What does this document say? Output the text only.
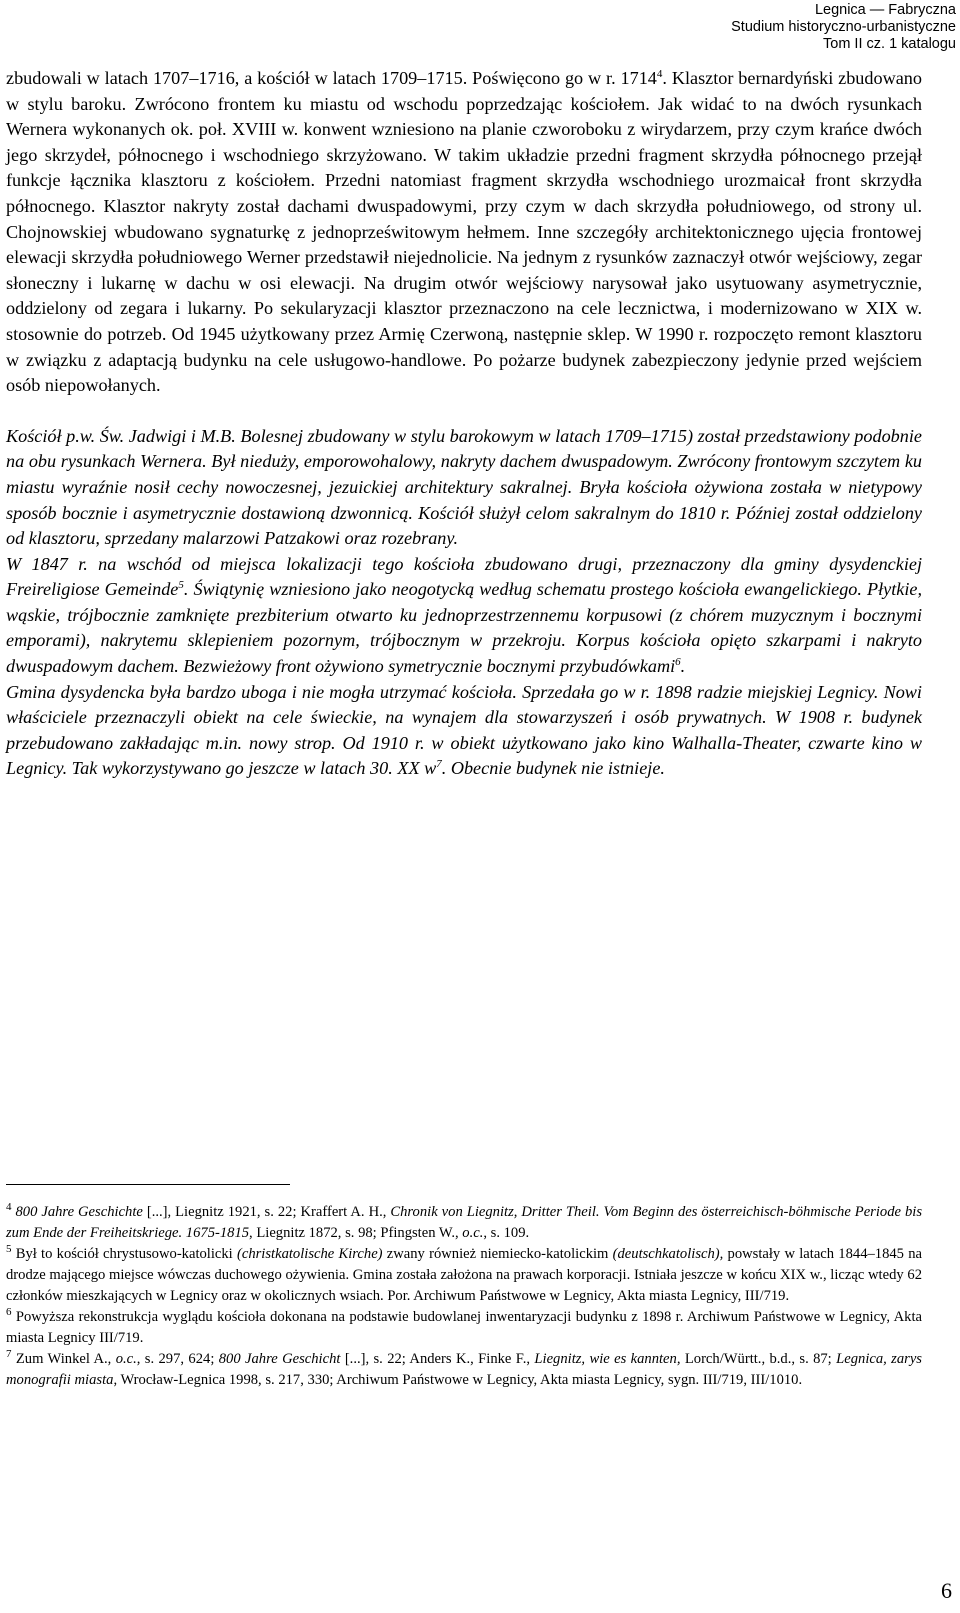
Legnica — Fabryczna
Studium historyczno-urbanistyczne
Tom II cz. 1 katalogu

zbudowali w latach 1707–1716, a kościół w latach 1709–1715. Poświęcono go w r. 1714$^4$. Klasztor bernardyński zbudowano w stylu baroku. Zwrócono frontem ku miastu od wschodu poprzedzając kościołem. Jak widać to na dwóch rysunkach Wernera wykonanych ok. poł. XVIII w. konwent wzniesiono na planie czworoboku z wirydarzem, przy czym krańce dwóch jego skrzydeł, północnego i wschodniego skrzyżowano. W takim układzie przedni fragment skrzydła północnego przejął funkcje łącznika klasztoru z kościołem. Przedni natomiast fragment skrzydła wschodniego urozmaicał front skrzydła północnego. Klasztor nakryty został dachami dwuspadowymi, przy czym w dach skrzydła południowego, od strony ul. Chojnowskiej wbudowano sygnaturkę z jednoprześwitowym hełmem. Inne szczegóły architektonicznego ujęcia frontowej elewacji skrzydła południowego Werner przedstawił niejednolicie. Na jednym z rysunków zaznaczył otwór wejściowy, zegar słoneczny i lukarnę w dachu w osi elewacji. Na drugim otwór wejściowy narysował jako usytuowany asymetrycznie, oddzielony od zegara i lukarny. Po sekularyzacji klasztor przeznaczono na cele lecznictwa, i modernizowano w XIX w. stosownie do potrzeb. Od 1945 użytkowany przez Armię Czerwoną, następnie sklep. W 1990 r. rozpoczęto remont klasztoru w związku z adaptacją budynku na cele usługowo-handlowe. Po pożarze budynek zabezpieczony jedynie przed wejściem osób niepowołanych.

Kościół p.w. Św. Jadwigi i M.B. Bolesnej zbudowany w stylu barokowym w latach 1709–1715) został przedstawiony podobnie na obu rysunkach Wernera. Był nieduży, emporowohalowy, nakryty dachem dwuspadowym. Zwrócony frontowym szczytem ku miastu wyraźnie nosił cechy nowoczesnej, jezuickiej architektury sakralnej. Bryła kościoła ożywiona została w nietypowy sposób bocznie i asymetrycznie dostawioną dzwonnicą. Kościół służył celom sakralnym do 1810 r. Później został oddzielony od klasztoru, sprzedany malarzowi Patzakowi oraz rozebrany.

W 1847 r. na wschód od miejsca lokalizacji tego kościoła zbudowano drugi, przeznaczony dla gminy dysydenckiej Freireligiose Gemeinde$^5$. Świątynię wzniesiono jako neogotycką według schematu prostego kościoła ewangelickiego. Płytkie, wąskie, trójbocznie zamknięte prezbiterium otwarto ku jednoprzestrzennemu korpusowi (z chórem muzycznym i bocznymi emporami), nakrytemu sklepieniem pozornym, trójbocznym w przekroju. Korpus kościoła opięto szkarpami i nakryto dwuspadowym dachem. Bezwieżowy front ożywiono symetrycznie bocznymi przybudówkami$^6$.

Gmina dysydencka była bardzo uboga i nie mogła utrzymać kościoła. Sprzedała go w r. 1898 radzie miejskiej Legnicy. Nowi właściciele przeznaczyli obiekt na cele świeckie, na wynajem dla stowarzyszeń i osób prywatnych. W 1908 r. budynek przebudowano zakładając m.in. nowy strop. Od 1910 r. w obiekt użytkowano jako kino Walhalla-Theater, czwarte kino w Legnicy. Tak wykorzystywano go jeszcze w latach 30. XX $w^7$. Obecnie budynek nie istnieje.

$^4$ 800 Jahre Geschichte [...], Liegnitz 1921, s. 22; Kraffert A. H., Chronik von Liegnitz, Dritter Theil. Vom Beginn des österreichisch-böhmische Periode bis zum Ende der Freiheitskriege. 1675-1815, Liegnitz 1872, s. 98; Pfingsten W., o.c., s. 109.

$^5$ Był to kościół chrystusowo-katolicki (christkatolische Kirche) zwany również niemiecko-katolickim (deutschkatolisch), powstały w latach 1844–1845 na drodze mającego miejsce wówczas duchowego ożywienia. Gmina została założona na prawach korporacji. Istniała jeszcze w końcu XIX w., licząc wtedy 62 członków mieszkających w Legnicy oraz w okolicznych wsiach. Por. Archiwum Państwowe w Legnicy, Akta miasta Legnicy, III/719.

$^6$ Powyższa rekonstrukcja wyglądu kościoła dokonana na podstawie budowlanej inwentaryzacji budynku z 1898 r. Archiwum Państwowe w Legnicy, Akta miasta Legnicy III/719.

$^7$ Zum Winkel A., o.c., s. 297, 624; 800 Jahre Geschicht [...], s. 22; Anders K., Finke F., Liegnitz, wie es kannten, Lorch/Württ., b.d., s. 87; Legnica, zarys monografii miasta, Wrocław-Legnica 1998, s. 217, 330; Archiwum Państwowe w Legnicy, Akta miasta Legnicy, sygn. III/719, III/1010.

6
